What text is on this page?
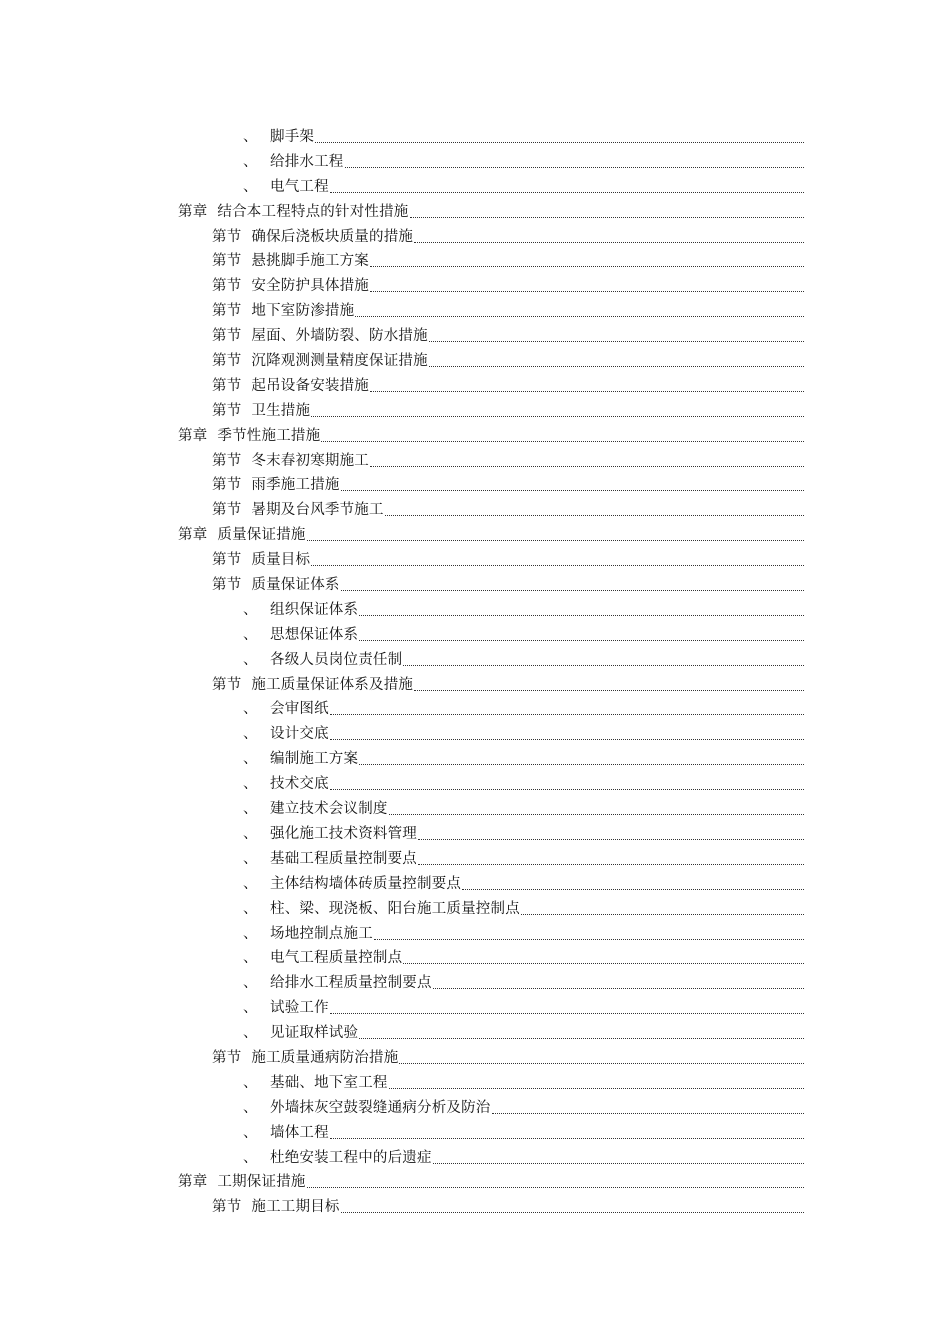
、 脚手架
、 给排水工程
、 电气工程
第章 结合本工程特点的针对性措施
第节 确保后浇板块质量的措施
第节 悬挑脚手施工方案
第节 安全防护具体措施
第节 地下室防渗措施
第节 屋面、外墙防裂、防水措施
第节 沉降观测测量精度保证措施
第节 起吊设备安装措施
第节 卫生措施
第章 季节性施工措施
第节 冬末春初寒期施工
第节 雨季施工措施
第节 暑期及台风季节施工
第章 质量保证措施
第节 质量目标
第节 质量保证体系
、 组织保证体系
、 思想保证体系
、 各级人员岗位责任制
第节 施工质量保证体系及措施
、 会审图纸
、 设计交底
、 编制施工方案
、 技术交底
、 建立技术会议制度
、 强化施工技术资料管理
、 基础工程质量控制要点
、 主体结构墙体砖质量控制要点
、 柱、梁、现浇板、阳台施工质量控制点
、 场地控制点施工
、 电气工程质量控制点
、 给排水工程质量控制要点
、 试验工作
、 见证取样试验
第节 施工质量通病防治措施
、 基础、地下室工程
、 外墙抹灰空鼓裂缝通病分析及防治
、 墙体工程
、 杜绝安装工程中的后遗症
第章 工期保证措施
第节 施工工期目标
